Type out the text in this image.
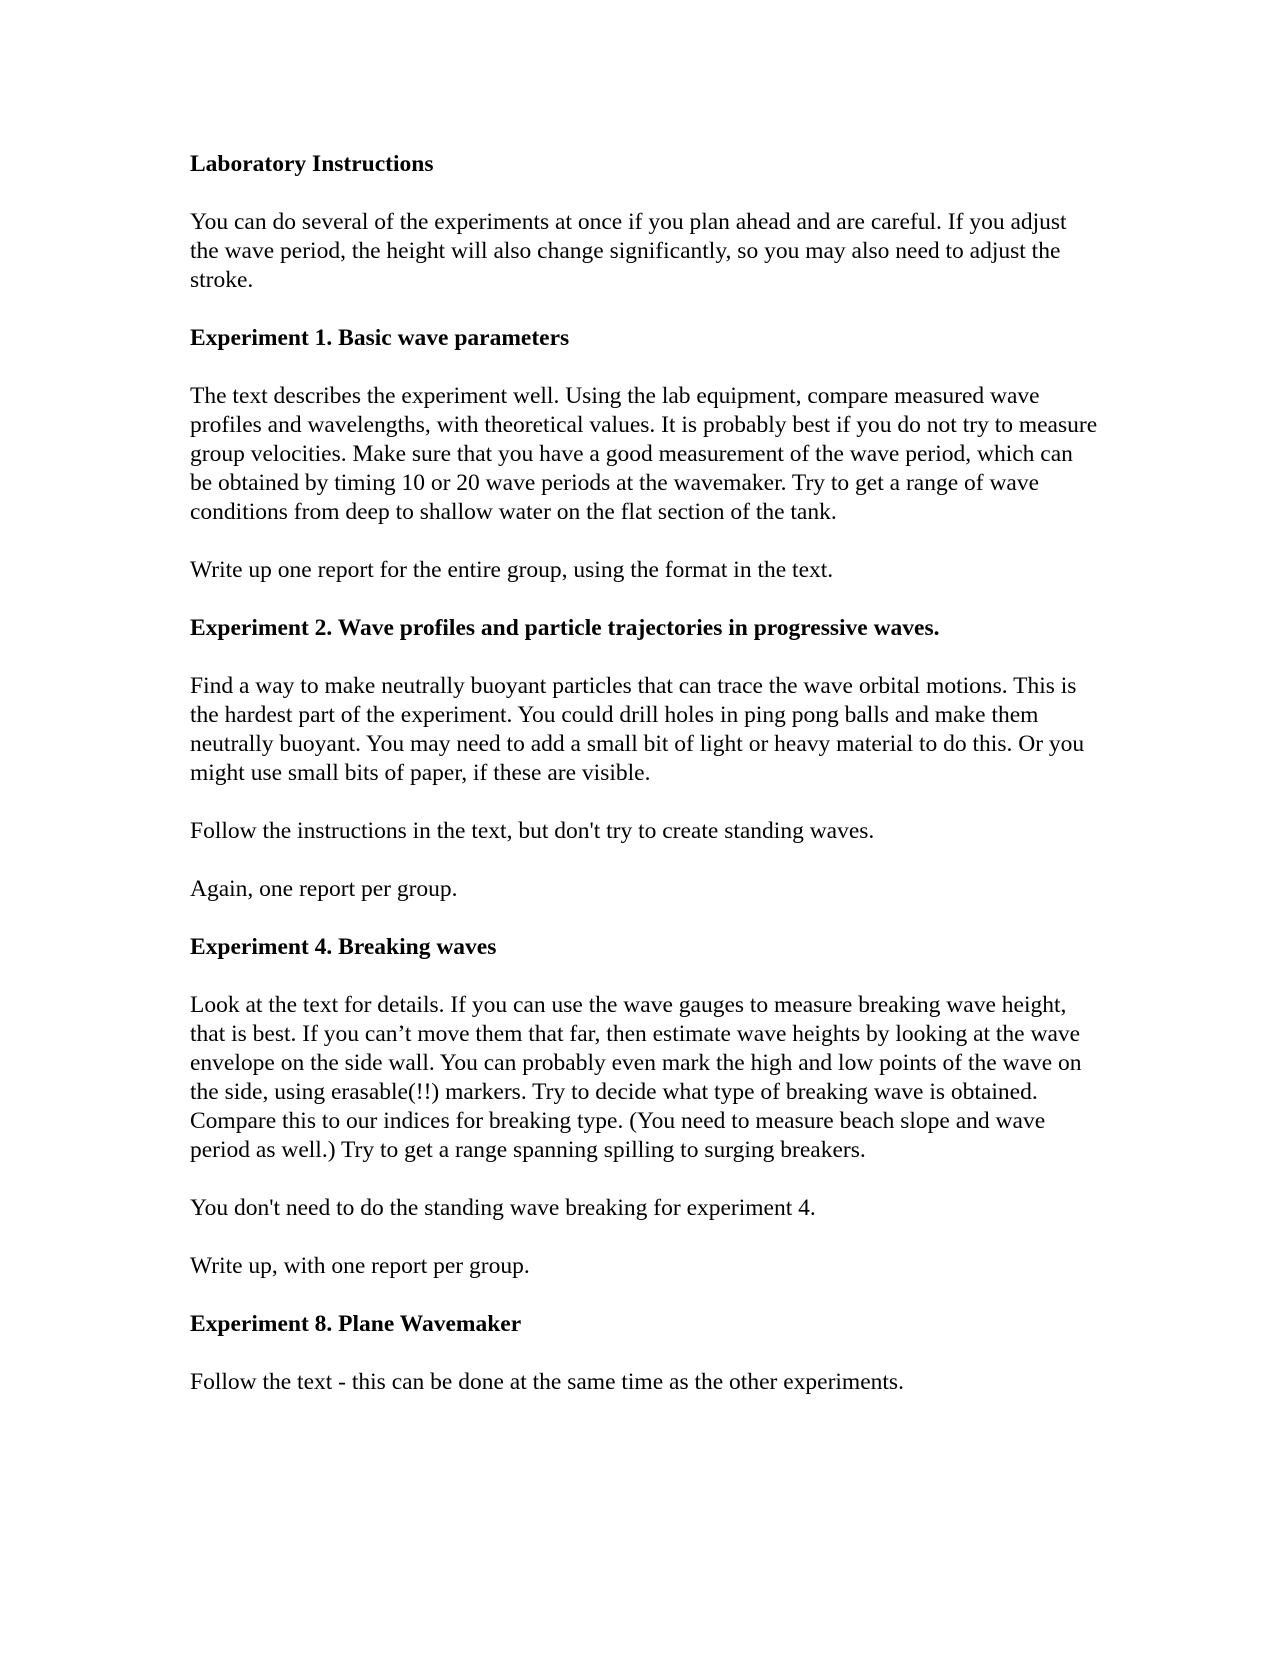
Laboratory Instructions

You can do several of the experiments at once if you plan ahead and are careful. If you adjust the wave period, the height will also change significantly, so you may also need to adjust the stroke.

Experiment 1. Basic wave parameters

The text describes the experiment well. Using the lab equipment, compare measured wave profiles and wavelengths, with theoretical values. It is probably best if you do not try to measure group velocities. Make sure that you have a good measurement of the wave period, which can be obtained by timing 10 or 20 wave periods at the wavemaker. Try to get a range of wave conditions from deep to shallow water on the flat section of the tank.

Write up one report for the entire group, using the format in the text.

Experiment 2. Wave profiles and particle trajectories in progressive waves.

Find a way to make neutrally buoyant particles that can trace the wave orbital motions. This is the hardest part of the experiment. You could drill holes in ping pong balls and make them neutrally buoyant. You may need to add a small bit of light or heavy material to do this. Or you might use small bits of paper, if these are visible.

Follow the instructions in the text, but don't try to create standing waves.

Again, one report per group.

Experiment 4. Breaking waves

Look at the text for details. If you can use the wave gauges to measure breaking wave height, that is best. If you can’t move them that far, then estimate wave heights by looking at the wave envelope on the side wall. You can probably even mark the high and low points of the wave on the side, using erasable(!!) markers. Try to decide what type of breaking wave is obtained. Compare this to our indices for breaking type. (You need to measure beach slope and wave period as well.) Try to get a range spanning spilling to surging breakers.

You don't need to do the standing wave breaking for experiment 4.

Write up, with one report per group.

Experiment 8. Plane Wavemaker

Follow the text - this can be done at the same time as the other experiments.
